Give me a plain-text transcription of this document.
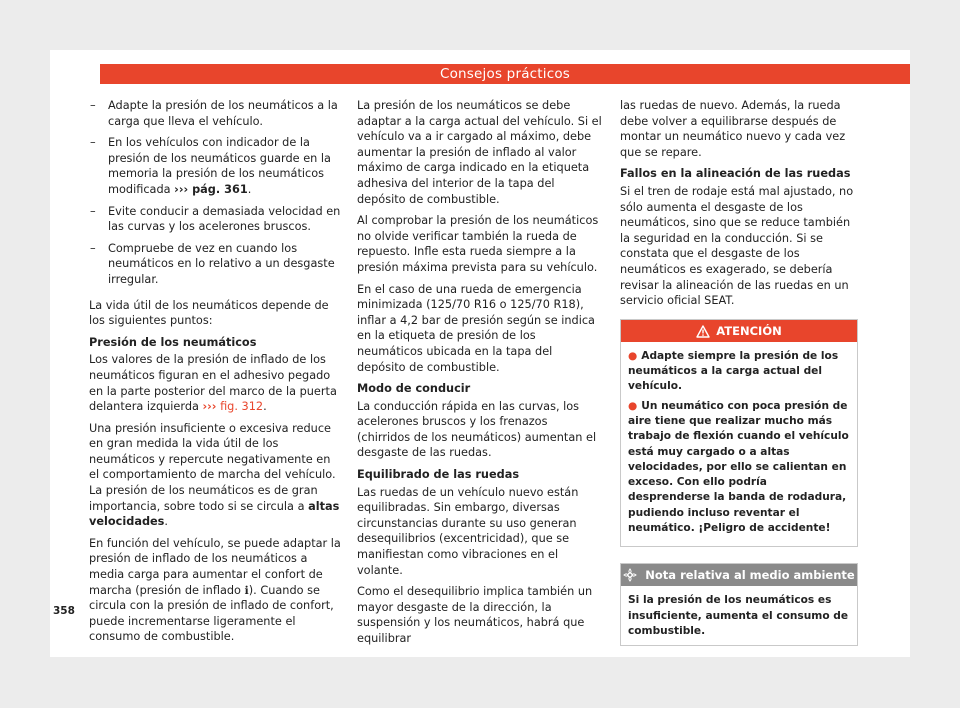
Consejos prácticos
– Adapte la presión de los neumáticos a la carga que lleva el vehículo.
– En los vehículos con indicador de la presión de los neumáticos guarde en la memoria la presión de los neumáticos modificada ››› pág. 361.
– Evite conducir a demasiada velocidad en las curvas y los acelerones bruscos.
– Compruebe de vez en cuando los neumáticos en lo relativo a un desgaste irregular.

La vida útil de los neumáticos depende de los siguientes puntos:

Presión de los neumáticos

Los valores de la presión de inflado de los neumáticos figuran en el adhesivo pegado en la parte posterior del marco de la puerta delantera izquierda ››› fig. 312.

Una presión insuficiente o excesiva reduce en gran medida la vida útil de los neumáticos y repercute negativamente en el comportamiento de marcha del vehículo. La presión de los neumáticos es de gran importancia, sobre todo si se circula a altas velocidades.

En función del vehículo, se puede adaptar la presión de inflado de los neumáticos a media carga para aumentar el confort de marcha (presión de inflado ℹ). Cuando se circula con la presión de inflado de confort, puede incrementarse ligeramente el consumo de combustible.

358

La presión de los neumáticos se debe adaptar a la carga actual del vehículo. Si el vehículo va a ir cargado al máximo, debe aumentar la presión de inflado al valor máximo de carga indicado en la etiqueta adhesiva del interior de la tapa del depósito de combustible.

Al comprobar la presión de los neumáticos no olvide verificar también la rueda de repuesto. Infle esta rueda siempre a la presión máxima prevista para su vehículo.

En el caso de una rueda de emergencia minimizada (125/70 R16 o 125/70 R18), inflar a 4,2 bar de presión según se indica en la etiqueta de presión de los neumáticos ubicada en la tapa del depósito de combustible.

Modo de conducir

La conducción rápida en las curvas, los acelerones bruscos y los frenazos (chirridos de los neumáticos) aumentan el desgaste de las ruedas.

Equilibrado de las ruedas

Las ruedas de un vehículo nuevo están equilibradas. Sin embargo, diversas circunstancias durante su uso generan desequilibrios (excentricidad), que se manifiestan como vibraciones en el volante.

Como el desequilibrio implica también un mayor desgaste de la dirección, la suspensión y los neumáticos, habrá que equilibrar

las ruedas de nuevo. Además, la rueda debe volver a equilibrarse después de montar un neumático nuevo y cada vez que se repare.

Fallos en la alineación de las ruedas

Si el tren de rodaje está mal ajustado, no sólo aumenta el desgaste de los neumáticos, sino que se reduce también la seguridad en la conducción. Si se constata que el desgaste de los neumáticos es exagerado, se debería revisar la alineación de las ruedas en un servicio oficial SEAT.

ATENCIÓN

● Adapte siempre la presión de los neumáticos a la carga actual del vehículo.

● Un neumático con poca presión de aire tiene que realizar mucho más trabajo de flexión cuando el vehículo está muy cargado o a altas velocidades, por ello se calientan en exceso. Con ello podría desprenderse la banda de rodadura, pudiendo incluso reventar el neumático. ¡Peligro de accidente!

Nota relativa al medio ambiente

Si la presión de los neumáticos es insuficiente, aumenta el consumo de combustible.
